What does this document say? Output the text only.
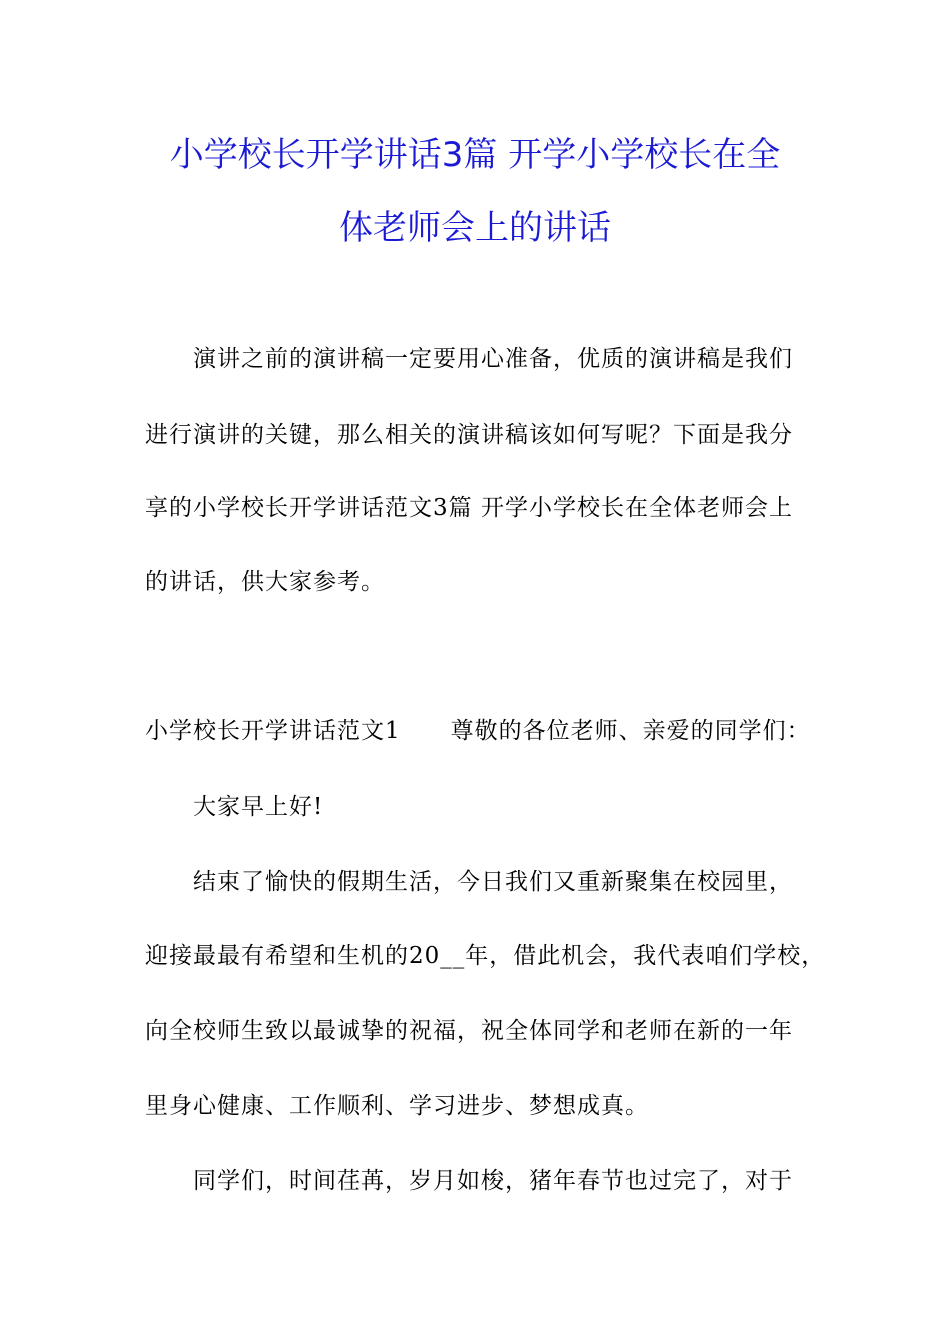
小学校长开学讲话3篇 开学小学校长在全
体老师会上的讲话
演讲之前的演讲稿一定要用心准备，优质的演讲稿是我们
进行演讲的关键，那么相关的演讲稿该如何写呢？下面是我分
享的小学校长开学讲话范文3篇 开学小学校长在全体老师会上
的讲话，供大家参考。
小学校长开学讲话范文1 尊敬的各位老师、亲爱的同学们：
大家早上好!
结束了愉快的假期生活，今日我们又重新聚集在校园里，
迎接最最有希望和生机的20__年，借此机会，我代表咱们学校，
向全校师生致以最诚挚的祝福，祝全体同学和老师在新的一年
里身心健康、工作顺利、学习进步、梦想成真。
同学们，时间荏苒，岁月如梭，猪年春节也过完了，对于
